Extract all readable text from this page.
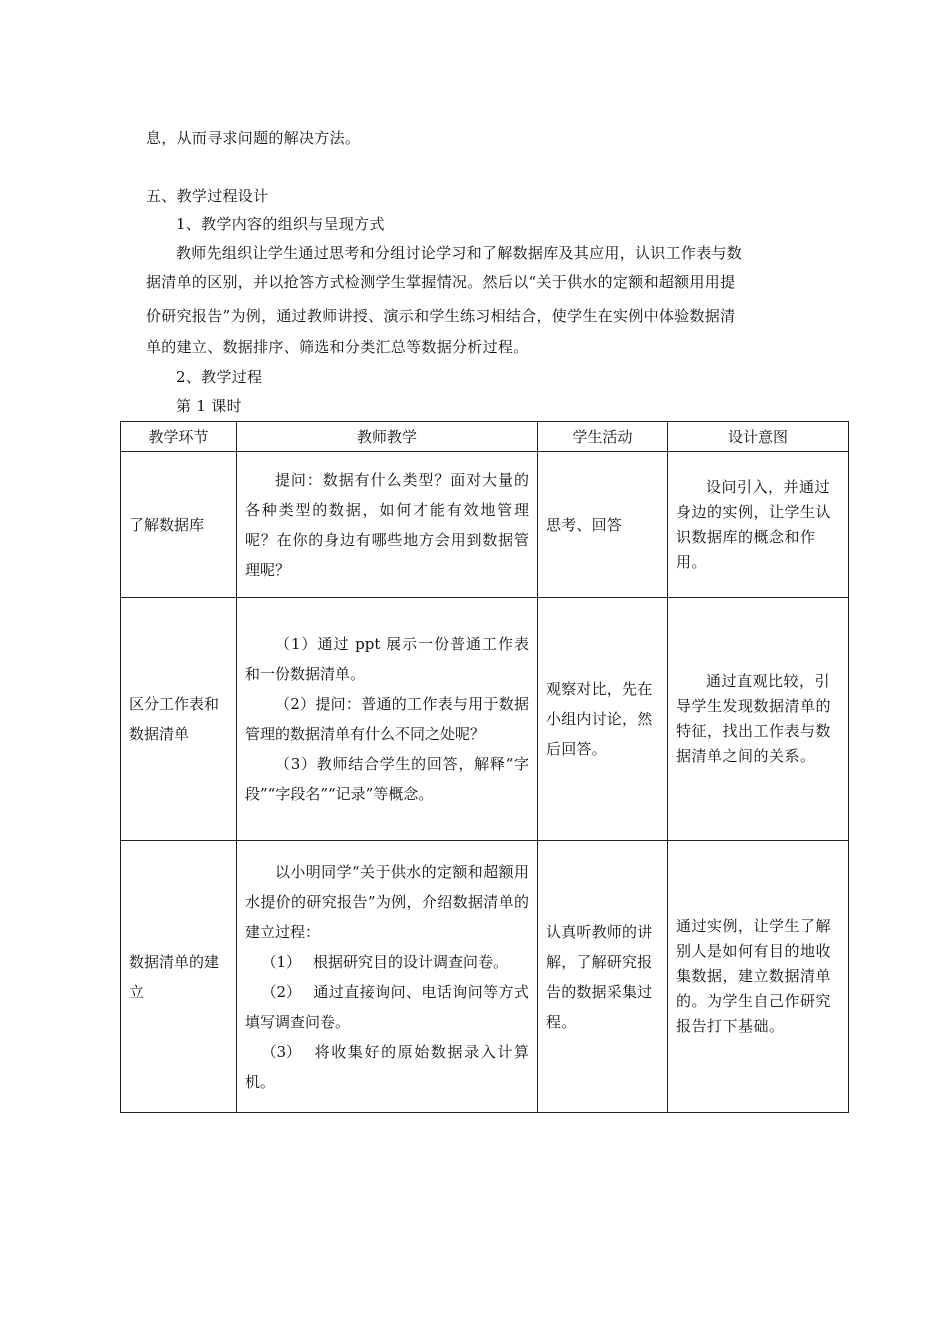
息，从而寻求问题的解决方法。
五、教学过程设计
1、教学内容的组织与呈现方式
教师先组织让学生通过思考和分组讨论学习和了解数据库及其应用，认识工作表与数
据清单的区别，并以抢答方式检测学生掌握情况。然后以“关于供水的定额和超额用用提
价研究报告”为例，通过教师讲授、演示和学生练习相结合，使学生在实例中体验数据清
单的建立、数据排序、筛选和分类汇总等数据分析过程。
2、教学过程
第 1 课时
教学环节	教师教学	学生活动	设计意图

了解数据库	提问：数据有什么类型？面对大量的各种类型的数据，如何才能有效地管理呢？在你的身边有哪些地方会用到数据管理呢？	思考、回答	设问引入，并通过身边的实例，让学生认识数据库的概念和作用。

区分工作表和数据清单	（1）通过 ppt 展示一份普通工作表和一份数据清单。

（2）提问：普通的工作表与用于数据管理的数据清单有什么不同之处呢？

（3）教师结合学生的回答，解释“字段”“字段名”“记录”等概念。	观察对比，先在小组内讨论，然后回答。	通过直观比较，引导学生发现数据清单的特征，找出工作表与数据清单之间的关系。

数据清单的建立	以小明同学“关于供水的定额和超额用水提价的研究报告”为例，介绍数据清单的建立过程：

（1） 根据研究目的设计调查问卷。

（2） 通过直接询问、电话询问等方式填写调查问卷。

（3） 将收集好的原始数据录入计算机。	认真听教师的讲解，了解研究报告的数据采集过程。	通过实例，让学生了解别人是如何有目的地收集数据，建立数据清单的。为学生自己作研究报告打下基础。
